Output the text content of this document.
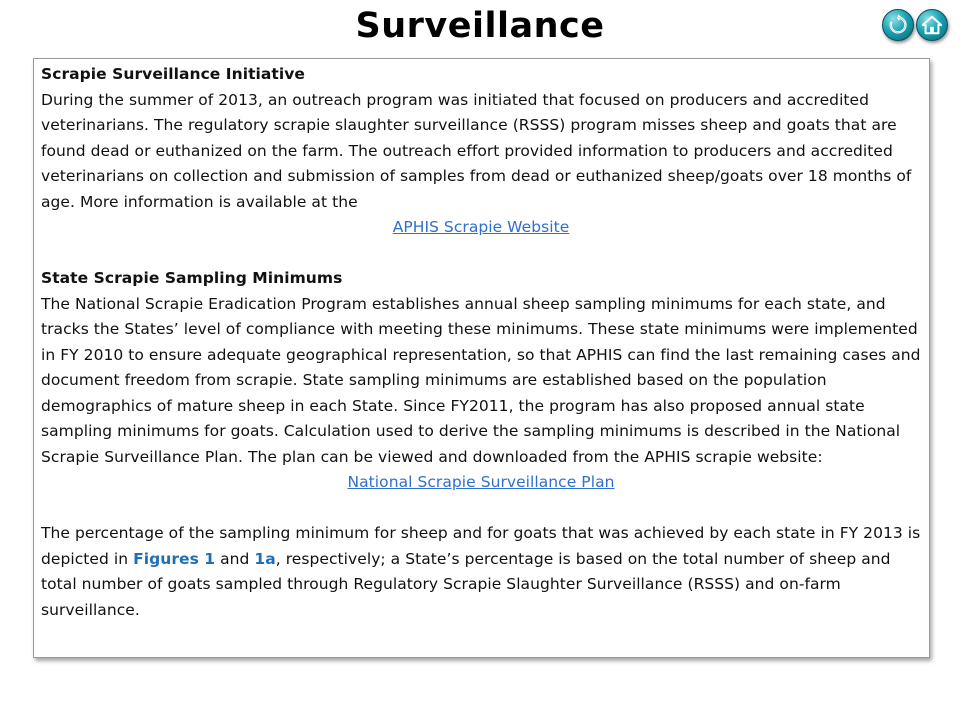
Surveillance

Scrapie Surveillance Initiative

During the summer of 2013, an outreach program was initiated that focused on producers and accredited veterinarians. The regulatory scrapie slaughter surveillance (RSSS) program misses sheep and goats that are found dead or euthanized on the farm. The outreach effort provided information to producers and accredited veterinarians on collection and submission of samples from dead or euthanized sheep/goats over 18 months of age. More information is available at the

APHIS Scrapie Website

State Scrapie Sampling Minimums

The National Scrapie Eradication Program establishes annual sheep sampling minimums for each state, and tracks the States’ level of compliance with meeting these minimums. These state minimums were implemented in FY 2010 to ensure adequate geographical representation, so that APHIS can find the last remaining cases and document freedom from scrapie. State sampling minimums are established based on the population demographics of mature sheep in each State. Since FY2011, the program has also proposed annual state sampling minimums for goats. Calculation used to derive the sampling minimums is described in the National Scrapie Surveillance Plan. The plan can be viewed and downloaded from the APHIS scrapie website:

National Scrapie Surveillance Plan

The percentage of the sampling minimum for sheep and for goats that was achieved by each state in FY 2013 is depicted in Figures 1 and 1a, respectively; a State’s percentage is based on the total number of sheep and total number of goats sampled through Regulatory Scrapie Slaughter Surveillance (RSSS) and on-farm surveillance.
